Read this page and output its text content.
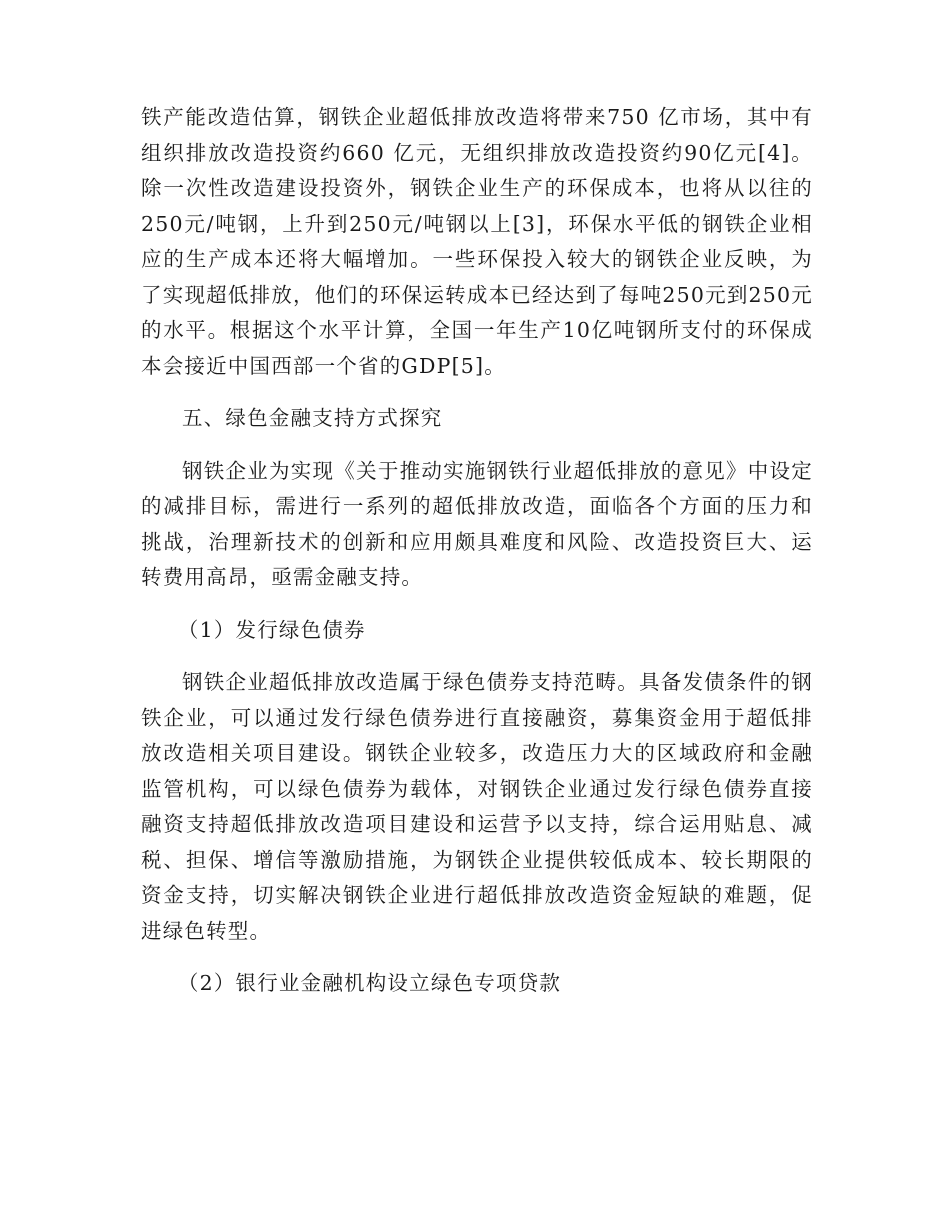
铁产能改造估算，钢铁企业超低排放改造将带来750 亿市场，其中有组织排放改造投资约660 亿元，无组织排放改造投资约90亿元[4]。除一次性改造建设投资外，钢铁企业生产的环保成本，也将从以往的250元/吨钢，上升到250元/吨钢以上[3]，环保水平低的钢铁企业相应的生产成本还将大幅增加。一些环保投入较大的钢铁企业反映，为了实现超低排放，他们的环保运转成本已经达到了每吨250元到250元的水平。根据这个水平计算，全国一年生产10亿吨钢所支付的环保成本会接近中国西部一个省的GDP[5]。

五、绿色金融支持方式探究

钢铁企业为实现《关于推动实施钢铁行业超低排放的意见》中设定的减排目标，需进行一系列的超低排放改造，面临各个方面的压力和挑战，治理新技术的创新和应用颇具难度和风险、改造投资巨大、运转费用高昂，亟需金融支持。

（1）发行绿色债券

钢铁企业超低排放改造属于绿色债券支持范畴。具备发债条件的钢铁企业，可以通过发行绿色债券进行直接融资，募集资金用于超低排放改造相关项目建设。钢铁企业较多，改造压力大的区域政府和金融监管机构，可以绿色债券为载体，对钢铁企业通过发行绿色债券直接融资支持超低排放改造项目建设和运营予以支持，综合运用贴息、减税、担保、增信等激励措施，为钢铁企业提供较低成本、较长期限的资金支持，切实解决钢铁企业进行超低排放改造资金短缺的难题，促进绿色转型。

（2）银行业金融机构设立绿色专项贷款
